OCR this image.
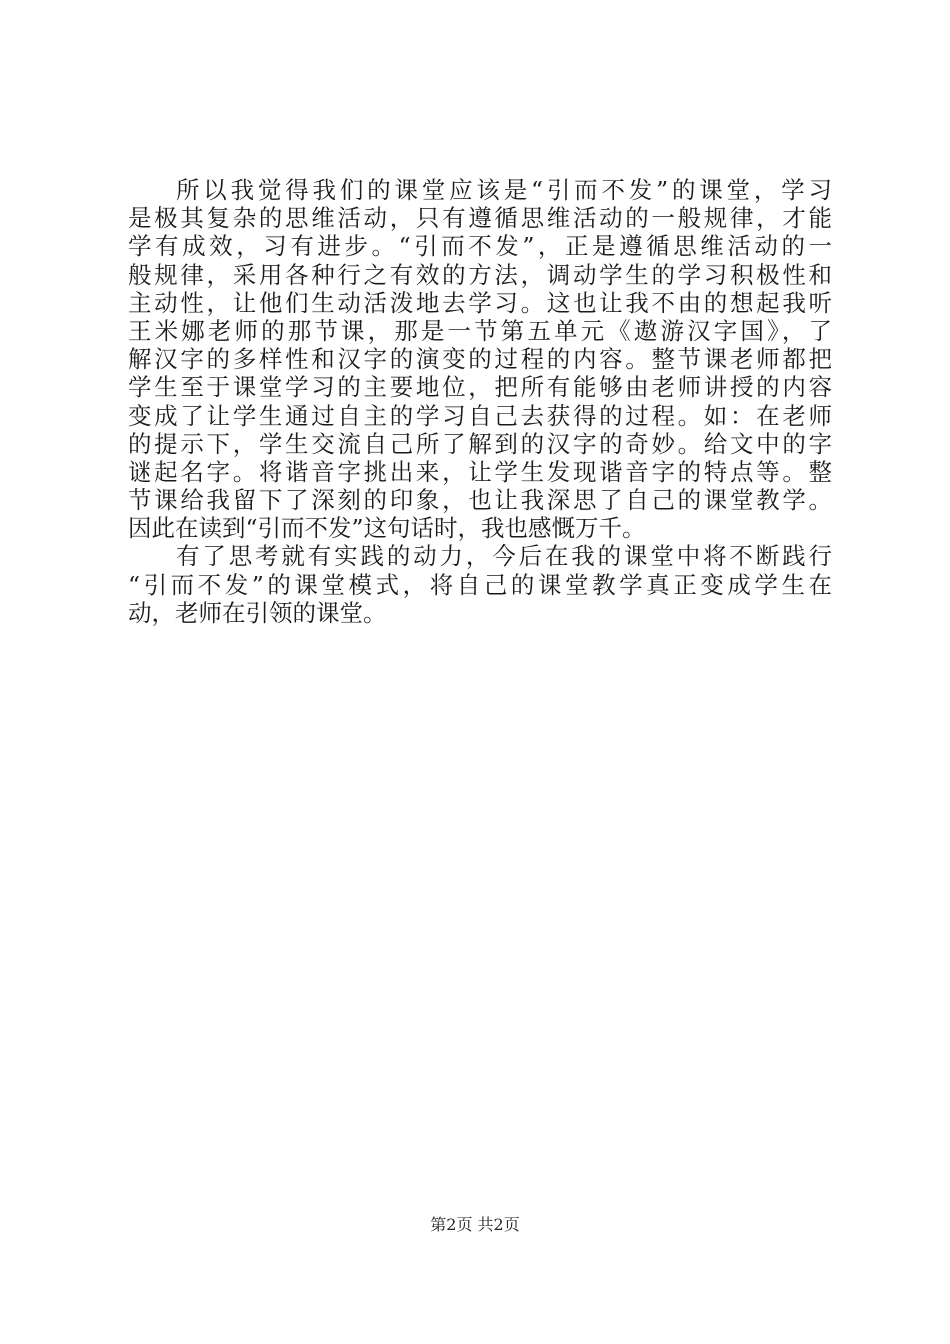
所以我觉得我们的课堂应该是“引而不发”的课堂，学习
是极其复杂的思维活动，只有遵循思维活动的一般规律，才能
学有成效，习有进步。“引而不发”，正是遵循思维活动的一
般规律，采用各种行之有效的方法，调动学生的学习积极性和
主动性，让他们生动活泼地去学习。这也让我不由的想起我听
王米娜老师的那节课，那是一节第五单元《遨游汉字国》，了
解汉字的多样性和汉字的演变的过程的内容。整节课老师都把
学生至于课堂学习的主要地位，把所有能够由老师讲授的内容
变成了让学生通过自主的学习自己去获得的过程。如：在老师
的提示下，学生交流自己所了解到的汉字的奇妙。给文中的字
谜起名字。将谐音字挑出来，让学生发现谐音字的特点等。整
节课给我留下了深刻的印象，也让我深思了自己的课堂教学。
因此在读到“引而不发”这句话时，我也感慨万千。
有了思考就有实践的动力，今后在我的课堂中将不断践行
“引而不发”的课堂模式，将自己的课堂教学真正变成学生在
动，老师在引领的课堂。
第2页 共2页
